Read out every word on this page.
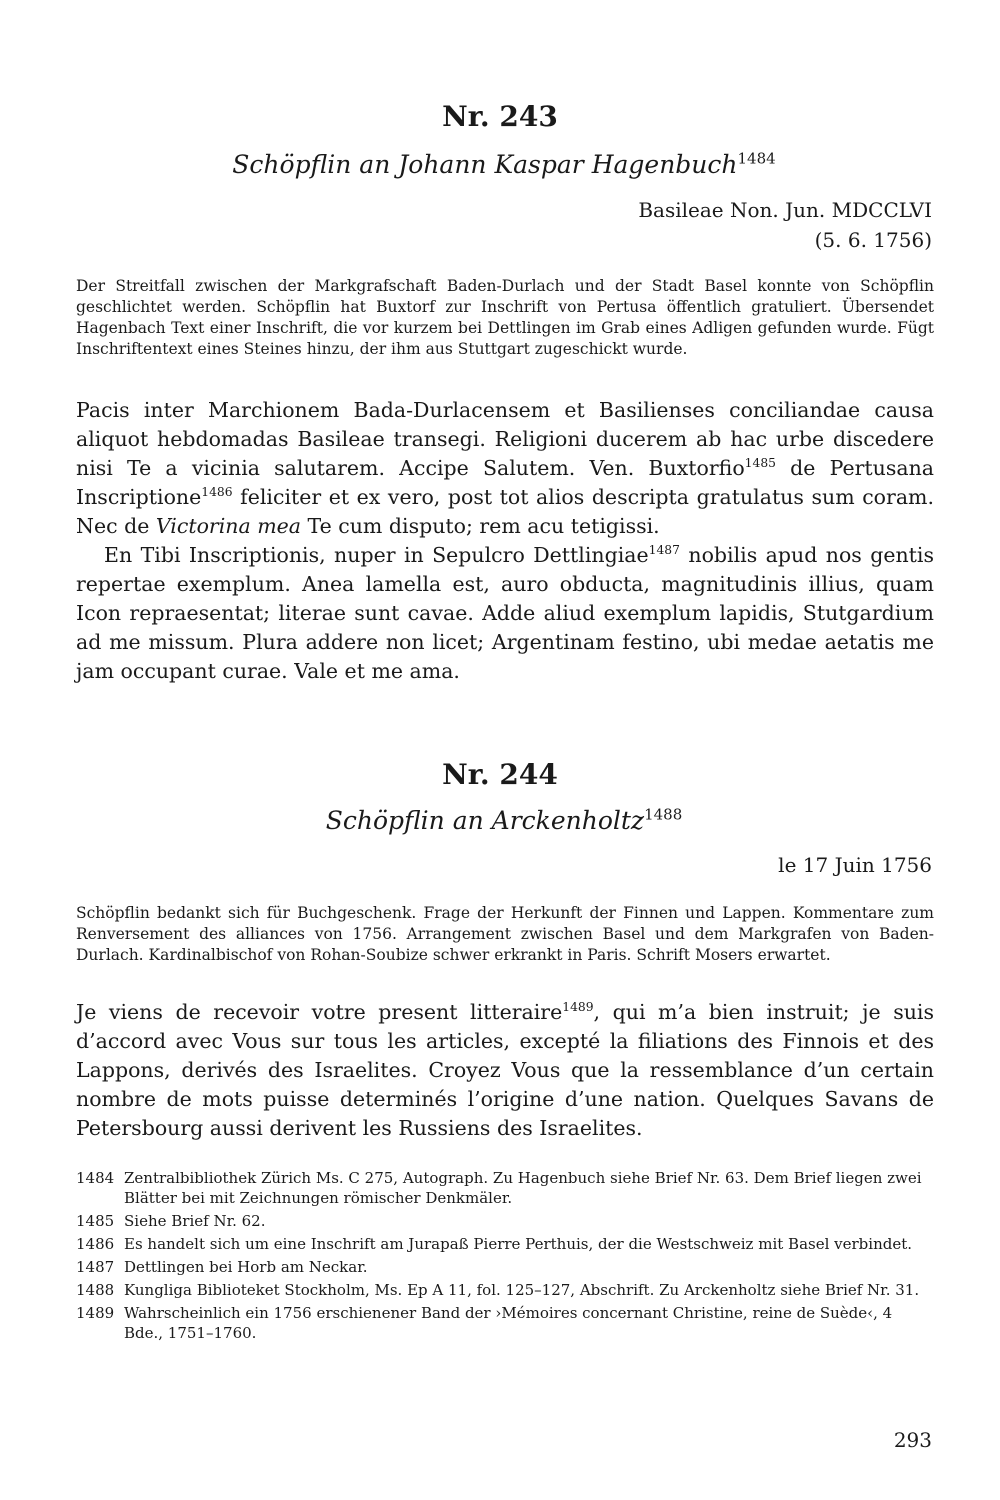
Nr. 243
Schöpflin an Johann Kaspar Hagenbuch$^{1484}$
Basileae Non. Jun. MDCCLVI
(5. 6. 1756)
Der Streitfall zwischen der Markgrafschaft Baden-Durlach und der Stadt Basel konnte von Schöpflin geschlichtet werden. Schöpflin hat Buxtorf zur Inschrift von Pertusa öffentlich gratuliert. Übersendet Hagenbach Text einer Inschrift, die vor kurzem bei Dettlingen im Grab eines Adligen gefunden wurde. Fügt Inschriftentext eines Steines hinzu, der ihm aus Stuttgart zugeschickt wurde.

Pacis inter Marchionem Bada-Durlacensem et Basilienses conciliandae causa aliquot hebdomadas Basileae transegi. Religioni ducerem ab hac urbe discedere nisi Te a vicinia salutarem. Accipe Salutem. Ven. Buxtorfio$^{1485}$ de Pertusana Inscriptione$^{1486}$ feliciter et ex vero, post tot alios descripta gratulatus sum coram. Nec de Victorina mea Te cum disputo; rem acu tetigissi.

En Tibi Inscriptionis, nuper in Sepulcro Dettlingiae$^{1487}$ nobilis apud nos gentis repertae exemplum. Anea lamella est, auro obducta, magnitudinis illius, quam Icon repraesentat; literae sunt cavae. Adde aliud exemplum lapidis, Stutgardium ad me missum. Plura addere non licet; Argentinam festino, ubi medae aetatis me jam occupant curae. Vale et me ama.

Nr. 244
Schöpflin an Arckenholtz$^{1488}$
le 17 Juin 1756
Schöpflin bedankt sich für Buchgeschenk. Frage der Herkunft der Finnen und Lappen. Kommentare zum Renversement des alliances von 1756. Arrangement zwischen Basel und dem Markgrafen von Baden-Durlach. Kardinalbischof von Rohan-Soubize schwer erkrankt in Paris. Schrift Mosers erwartet.

Je viens de recevoir votre present litteraire$^{1489}$, qui m’a bien instruit; je suis d’accord avec Vous sur tous les articles, excepté la filiations des Finnois et des Lappons, derivés des Israelites. Croyez Vous que la ressemblance d’un certain nombre de mots puisse determinés l’origine d’une nation. Quelques Savans de Petersbourg aussi derivent les Russiens des Israelites.

1484 Zentralbibliothek Zürich Ms. C 275, Autograph. Zu Hagenbuch siehe Brief Nr. 63. Dem Brief liegen zwei Blätter bei mit Zeichnungen römischer Denkmäler.
1485 Siehe Brief Nr. 62.
1486 Es handelt sich um eine Inschrift am Jurapaß Pierre Perthuis, der die Westschweiz mit Basel verbindet.
1487 Dettlingen bei Horb am Neckar.
1488 Kungliga Biblioteket Stockholm, Ms. Ep A 11, fol. 125–127, Abschrift. Zu Arckenholtz siehe Brief Nr. 31.
1489 Wahrscheinlich ein 1756 erschienener Band der ›Mémoires concernant Christine, reine de Suède‹, 4 Bde., 1751–1760.
293
